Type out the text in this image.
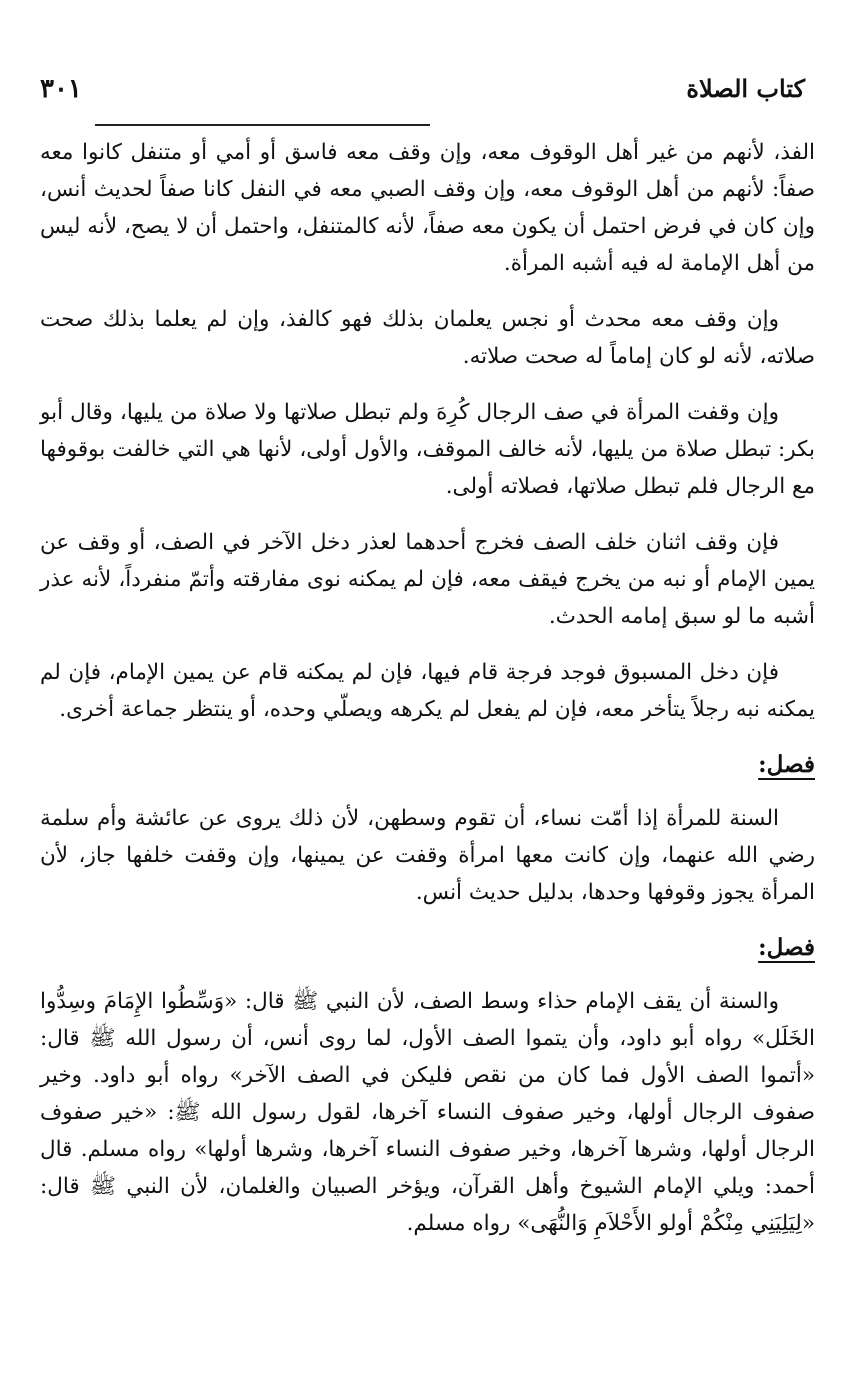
كتاب الصلاة
٣٠١

الفذ، لأنهم من غير أهل الوقوف معه، وإن وقف معه فاسق أو أمي أو متنفل كانوا معه صفاً: لأنهم من أهل الوقوف معه، وإن وقف الصبي معه في النفل كانا صفاً لحديث أنس، وإن كان في فرض احتمل أن يكون معه صفاً، لأنه كالمتنفل، واحتمل أن لا يصح، لأنه ليس من أهل الإمامة له فيه أشبه المرأة.

وإن وقف معه محدث أو نجس يعلمان بذلك فهو كالفذ، وإن لم يعلما بذلك صحت صلاته، لأنه لو كان إماماً له صحت صلاته.

وإن وقفت المرأة في صف الرجال كُرِهَ ولم تبطل صلاتها ولا صلاة من يليها، وقال أبو بكر: تبطل صلاة من يليها، لأنه خالف الموقف، والأول أولى، لأنها هي التي خالفت بوقوفها مع الرجال فلم تبطل صلاتها، فصلاته أولى.

فإن وقف اثنان خلف الصف فخرج أحدهما لعذر دخل الآخر في الصف، أو وقف عن يمين الإمام أو نبه من يخرج فيقف معه، فإن لم يمكنه نوى مفارقته وأتمّ منفرداً، لأنه عذر أشبه ما لو سبق إمامه الحدث.

فإن دخل المسبوق فوجد فرجة قام فيها، فإن لم يمكنه قام عن يمين الإمام، فإن لم يمكنه نبه رجلاً يتأخر معه، فإن لم يفعل لم يكرهه ويصلّي وحده، أو ينتظر جماعة أخرى.

فصل:

السنة للمرأة إذا أمّت نساء، أن تقوم وسطهن، لأن ذلك يروى عن عائشة وأم سلمة رضي الله عنهما، وإن كانت معها امرأة وقفت عن يمينها، وإن وقفت خلفها جاز، لأن المرأة يجوز وقوفها وحدها، بدليل حديث أنس.

فصل:

والسنة أن يقف الإمام حذاء وسط الصف، لأن النبي ﷺ قال: «وَسِّطُوا الإِمَامَ وسِدُّوا الخَلَل» رواه أبو داود، وأن يتموا الصف الأول، لما روى أنس، أن رسول الله ﷺ قال: «أتموا الصف الأول فما كان من نقص فليكن في الصف الآخر» رواه أبو داود. وخير صفوف الرجال أولها، وخير صفوف النساء آخرها، لقول رسول الله ﷺ: «خير صفوف الرجال أولها، وشرها آخرها، وخير صفوف النساء آخرها، وشرها أولها» رواه مسلم. قال أحمد: ويلي الإمام الشيوخ وأهل القرآن، ويؤخر الصبيان والغلمان، لأن النبي ﷺ قال: «لِيَلِيَنِي مِنْكُمْ أولو الأَحْلاَمِ وَالنُّهَى» رواه مسلم.
